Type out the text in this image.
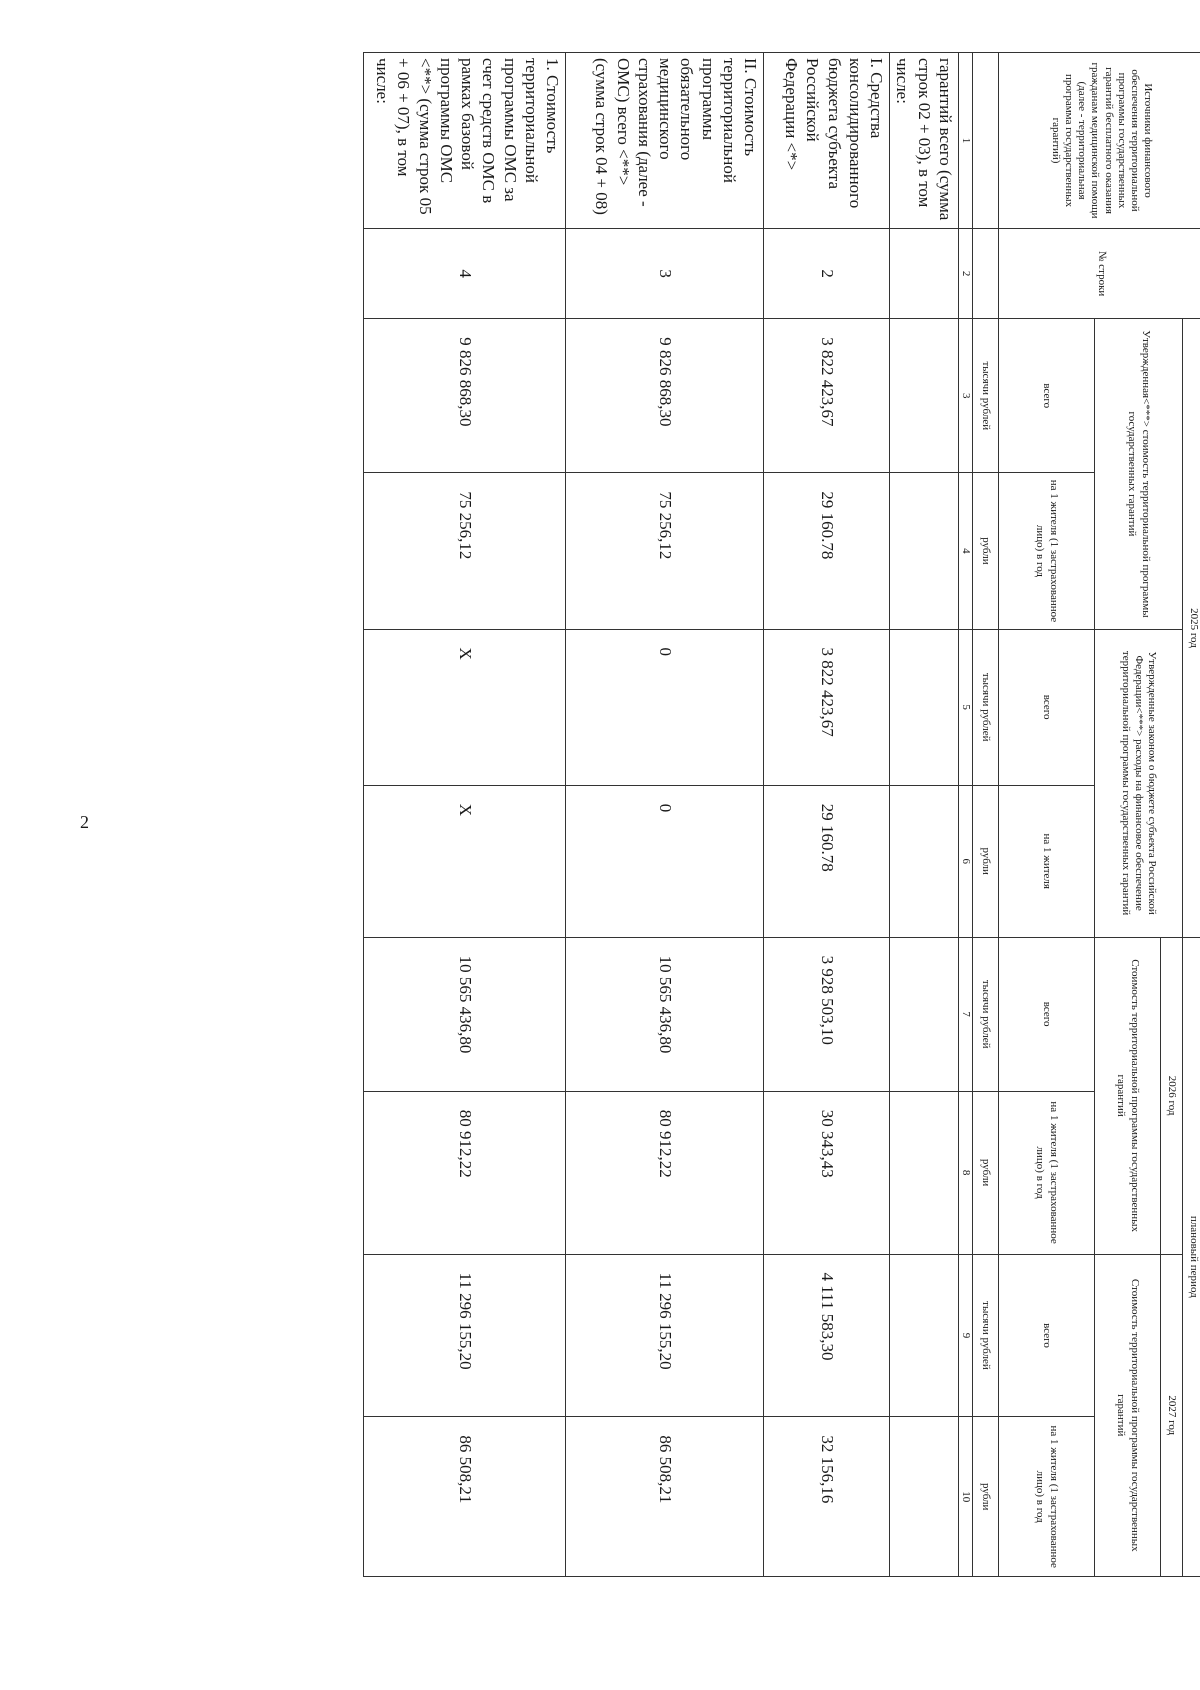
2
Источники финансового обеспечения территориальной программы государственных гарантий бесплатного оказания гражданам медицинской помощи (далее - территориальная программа государственных гарантий)	№ строки	2025 год				плановый период			
		Утвержденная<***> стоимость территориальной программы государственных гарантий		Утвержденные законом о бюджете субъекта Российской Федерации<***> расходы на финансовое обеспечение территориальной программы государственных гарантий		2026 год		2027 год	
						Стоимость территориальной программы государственных гарантий		Стоимость территориальной программы государственных гарантий	
		всего	на 1 жителя (1 застрахованное лицо) в год	всего	на 1 жителя	всего	на 1 жителя (1 застрахованное лицо) в год	всего	на 1 жителя (1 застрахованное лицо) в год
		тысячи рублей	рубли	тысячи рублей	рубли	тысячи рублей	рубли	тысячи рублей	рубли
1	2	3	4	5	6	7	8	9	10
гарантий всего (сумма строк 02 + 03), в том числе:									
I. Средства консолидированного бюджета субъекта Российской Федерации <*>	2	3 822 423,67	29 160.78	3 822 423,67	29 160.78	3 928 503,10	30 343,43	4 111 583,30	32 156,16
II. Стоимость территориальной программы обязательного медицинского страхования (далее - ОМС) всего <**> (сумма строк 04 + 08)	3	9 826 868,30	75 256,12	0	0	10 565 436,80	80 912,22	11 296 155,20	86 508,21
1. Стоимость территориальной программы ОМС за счет средств ОМС в рамках базовой программы ОМС <**> (сумма строк 05 + 06 + 07), в том числе:	4	9 826 868,30	75 256,12	X	X	10 565 436,80	80 912,22	11 296 155,20	86 508,21
